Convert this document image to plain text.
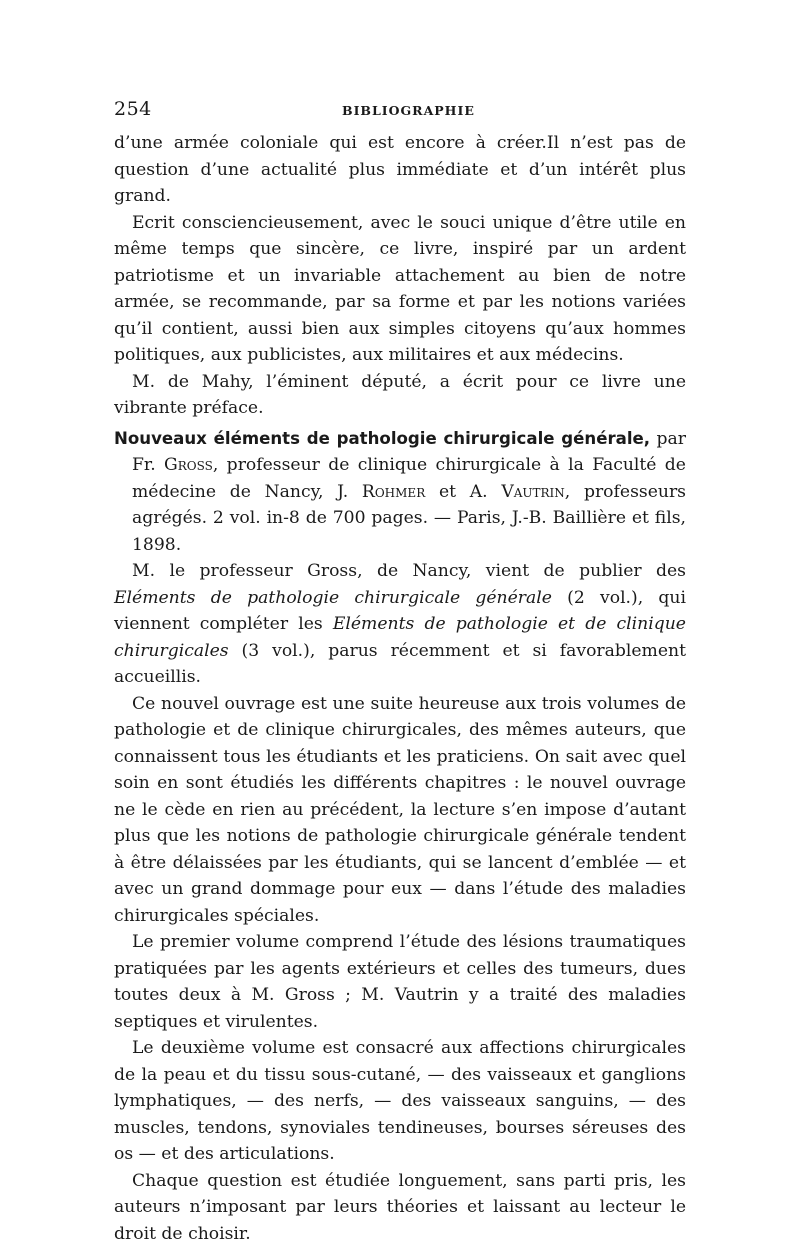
254	BIBLIOGRAPHIE

d’une armée coloniale qui est encore à créer.Il n’est pas de question d’une actualité plus immédiate et d’un intérêt plus grand.

Ecrit consciencieusement, avec le souci unique d’être utile en même temps que sincère, ce livre, inspiré par un ardent patriotisme et un invariable attachement au bien de notre armée, se recommande, par sa forme et par les notions variées qu’il contient, aussi bien aux simples citoyens qu’aux hommes politiques, aux publicistes, aux militaires et aux médecins.

M. de Mahy, l’éminent député, a écrit pour ce livre une vibrante préface.

Nouveaux éléments de pathologie chirurgicale générale, par Fr. Gross, professeur de clinique chirurgicale à la Faculté de médecine de Nancy, J. Rohmer et A. Vautrin, professeurs agrégés. 2 vol. in-8 de 700 pages. — Paris, J.-B. Baillière et fils, 1898.

M. le professeur Gross, de Nancy, vient de publier des Eléments de pathologie chirurgicale générale (2 vol.), qui viennent compléter les Eléments de pathologie et de clinique chirurgicales (3 vol.), parus récemment et si favorablement accueillis.

Ce nouvel ouvrage est une suite heureuse aux trois volumes de pathologie et de clinique chirurgicales, des mêmes auteurs, que connaissent tous les étudiants et les praticiens. On sait avec quel soin en sont étudiés les différents chapitres : le nouvel ouvrage ne le cède en rien au précédent, la lecture s’en impose d’autant plus que les notions de pathologie chirurgicale générale tendent à être délaissées par les étudiants, qui se lancent d’emblée — et avec un grand dommage pour eux — dans l’étude des maladies chirurgicales spéciales.

Le premier volume comprend l’étude des lésions traumatiques pratiquées par les agents extérieurs et celles des tumeurs, dues toutes deux à M. Gross ; M. Vautrin y a traité des maladies septiques et virulentes.

Le deuxième volume est consacré aux affections chirurgicales de la peau et du tissu sous-cutané, — des vaisseaux et ganglions lymphatiques, — des nerfs, — des vaisseaux sanguins, — des muscles, tendons, synoviales tendineuses, bourses séreuses des os — et des articulations.

Chaque question est étudiée longuement, sans parti pris, les auteurs n’imposant par leurs théories et laissant au lecteur le droit de choisir.
